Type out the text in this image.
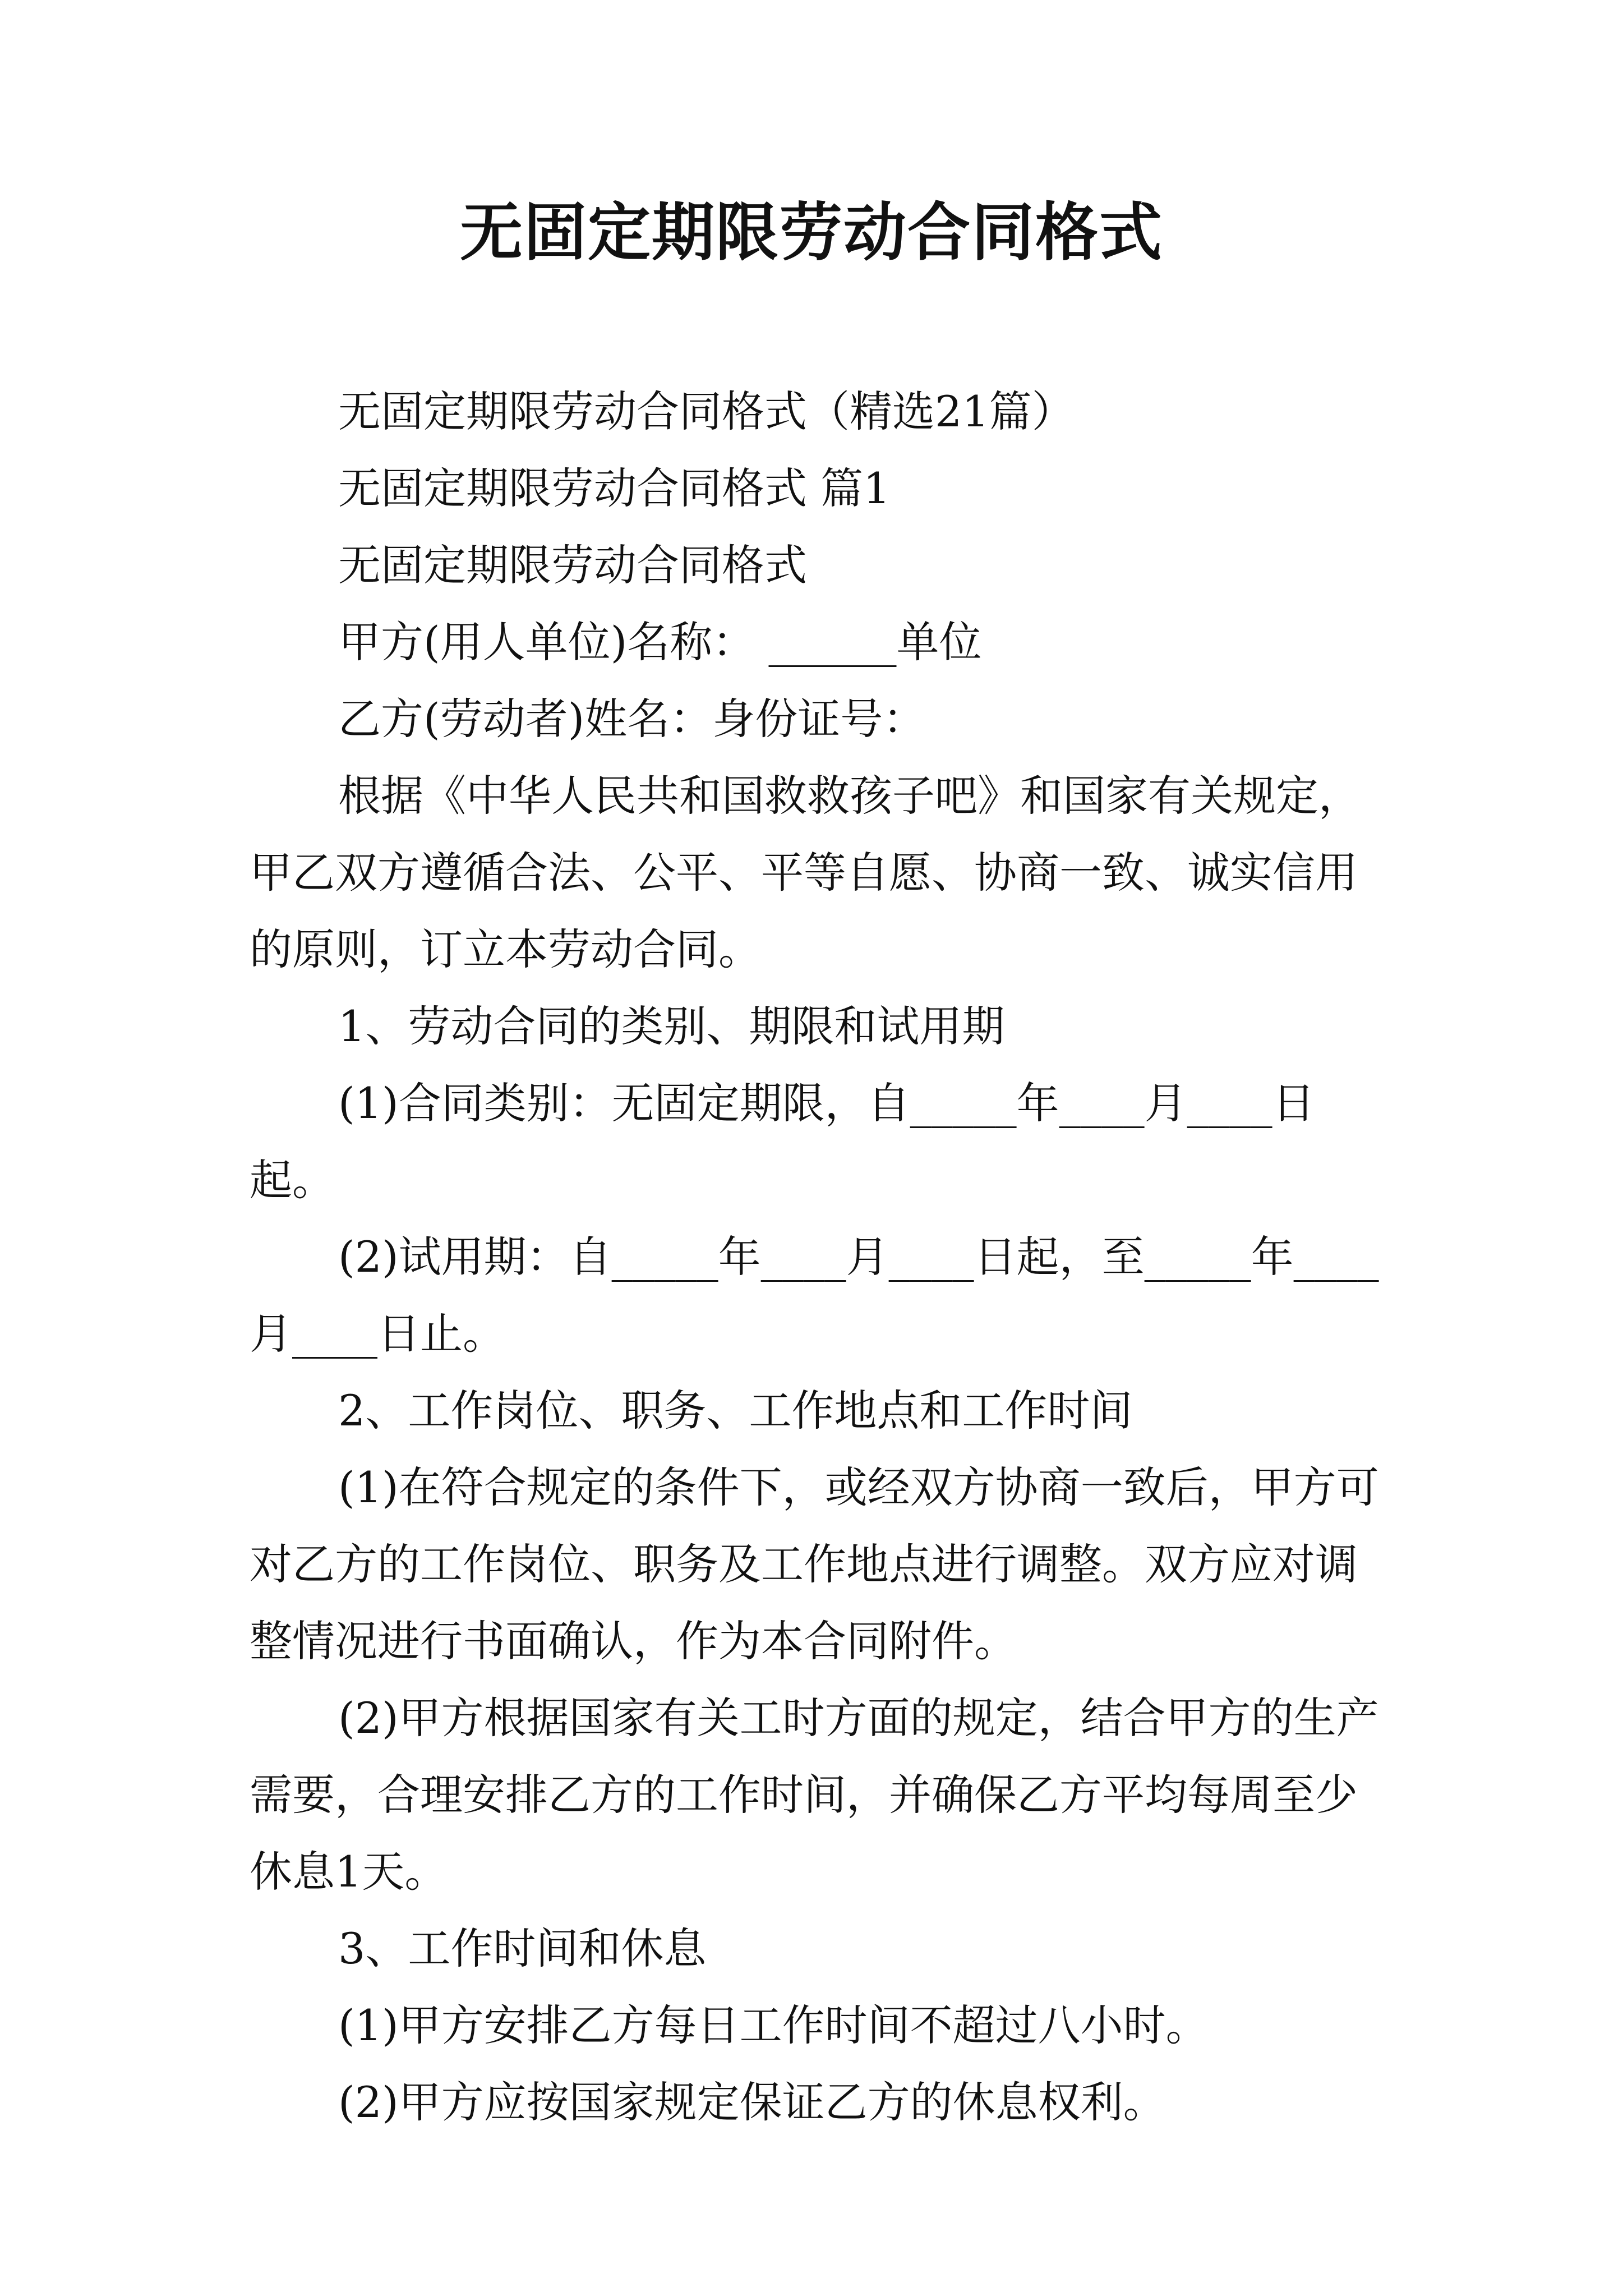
无固定期限劳动合同格式

无固定期限劳动合同格式（精选21篇）

无固定期限劳动合同格式 篇1

无固定期限劳动合同格式

甲方(用人单位)名称： ______单位

乙方(劳动者)姓名：身份证号：

根据《中华人民共和国救救孩子吧》和国家有关规定，甲乙双方遵循合法、公平、平等自愿、协商一致、诚实信用的原则，订立本劳动合同。

1、劳动合同的类别、期限和试用期

(1)合同类别：无固定期限，自_____年____月____日起。

(2)试用期：自_____年____月____日起，至_____年____月____日止。

2、工作岗位、职务、工作地点和工作时间

(1)在符合规定的条件下，或经双方协商一致后，甲方可对乙方的工作岗位、职务及工作地点进行调整。双方应对调整情况进行书面确认，作为本合同附件。

(2)甲方根据国家有关工时方面的规定，结合甲方的生产需要，合理安排乙方的工作时间，并确保乙方平均每周至少休息1天。

3、工作时间和休息

(1)甲方安排乙方每日工作时间不超过八小时。

(2)甲方应按国家规定保证乙方的休息权利。
